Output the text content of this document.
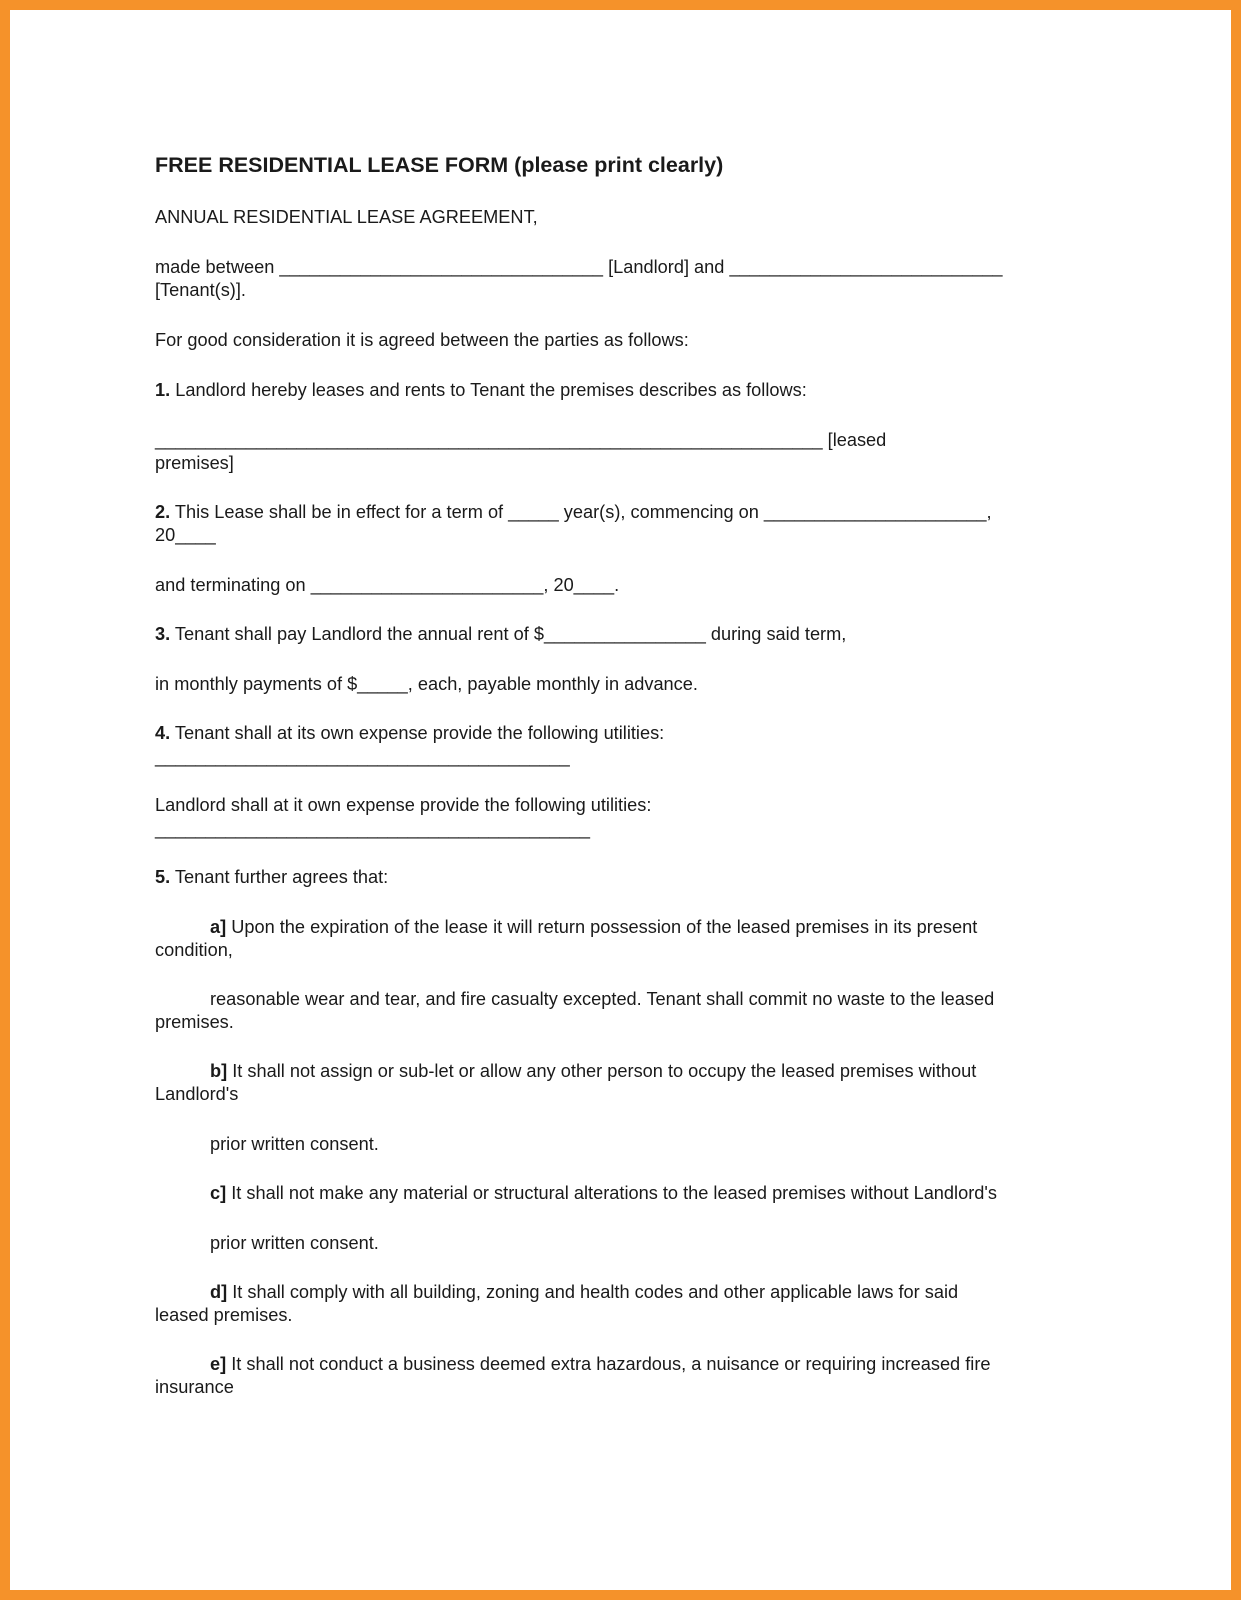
FREE RESIDENTIAL LEASE FORM (please print clearly)
ANNUAL RESIDENTIAL LEASE AGREEMENT,
made between ________________________________ [Landlord] and ___________________________
[Tenant(s)].
For good consideration it is agreed between the parties as follows:
1. Landlord hereby leases and rents to Tenant the premises describes as follows:
__________________________________________________________________ [leased
premises]
2. This Lease shall be in effect for a term of _____ year(s), commencing on ______________________,
20____
and terminating on _______________________, 20____.
3. Tenant shall pay Landlord the annual rent of $________________ during said term,
in monthly payments of $_____, each, payable monthly in advance.
4. Tenant shall at its own expense provide the following utilities:
_________________________________________
Landlord shall at it own expense provide the following utilities:
___________________________________________
5. Tenant further agrees that:
a] Upon the expiration of the lease it will return possession of the leased premises in its present
condition,
reasonable wear and tear, and fire casualty excepted. Tenant shall commit no waste to the leased
premises.
b] It shall not assign or sub-let or allow any other person to occupy the leased premises without
Landlord's
prior written consent.
c] It shall not make any material or structural alterations to the leased premises without Landlord's
prior written consent.
d] It shall comply with all building, zoning and health codes and other applicable laws for said
leased premises.
e] It shall not conduct a business deemed extra hazardous, a nuisance or requiring increased fire
insurance
